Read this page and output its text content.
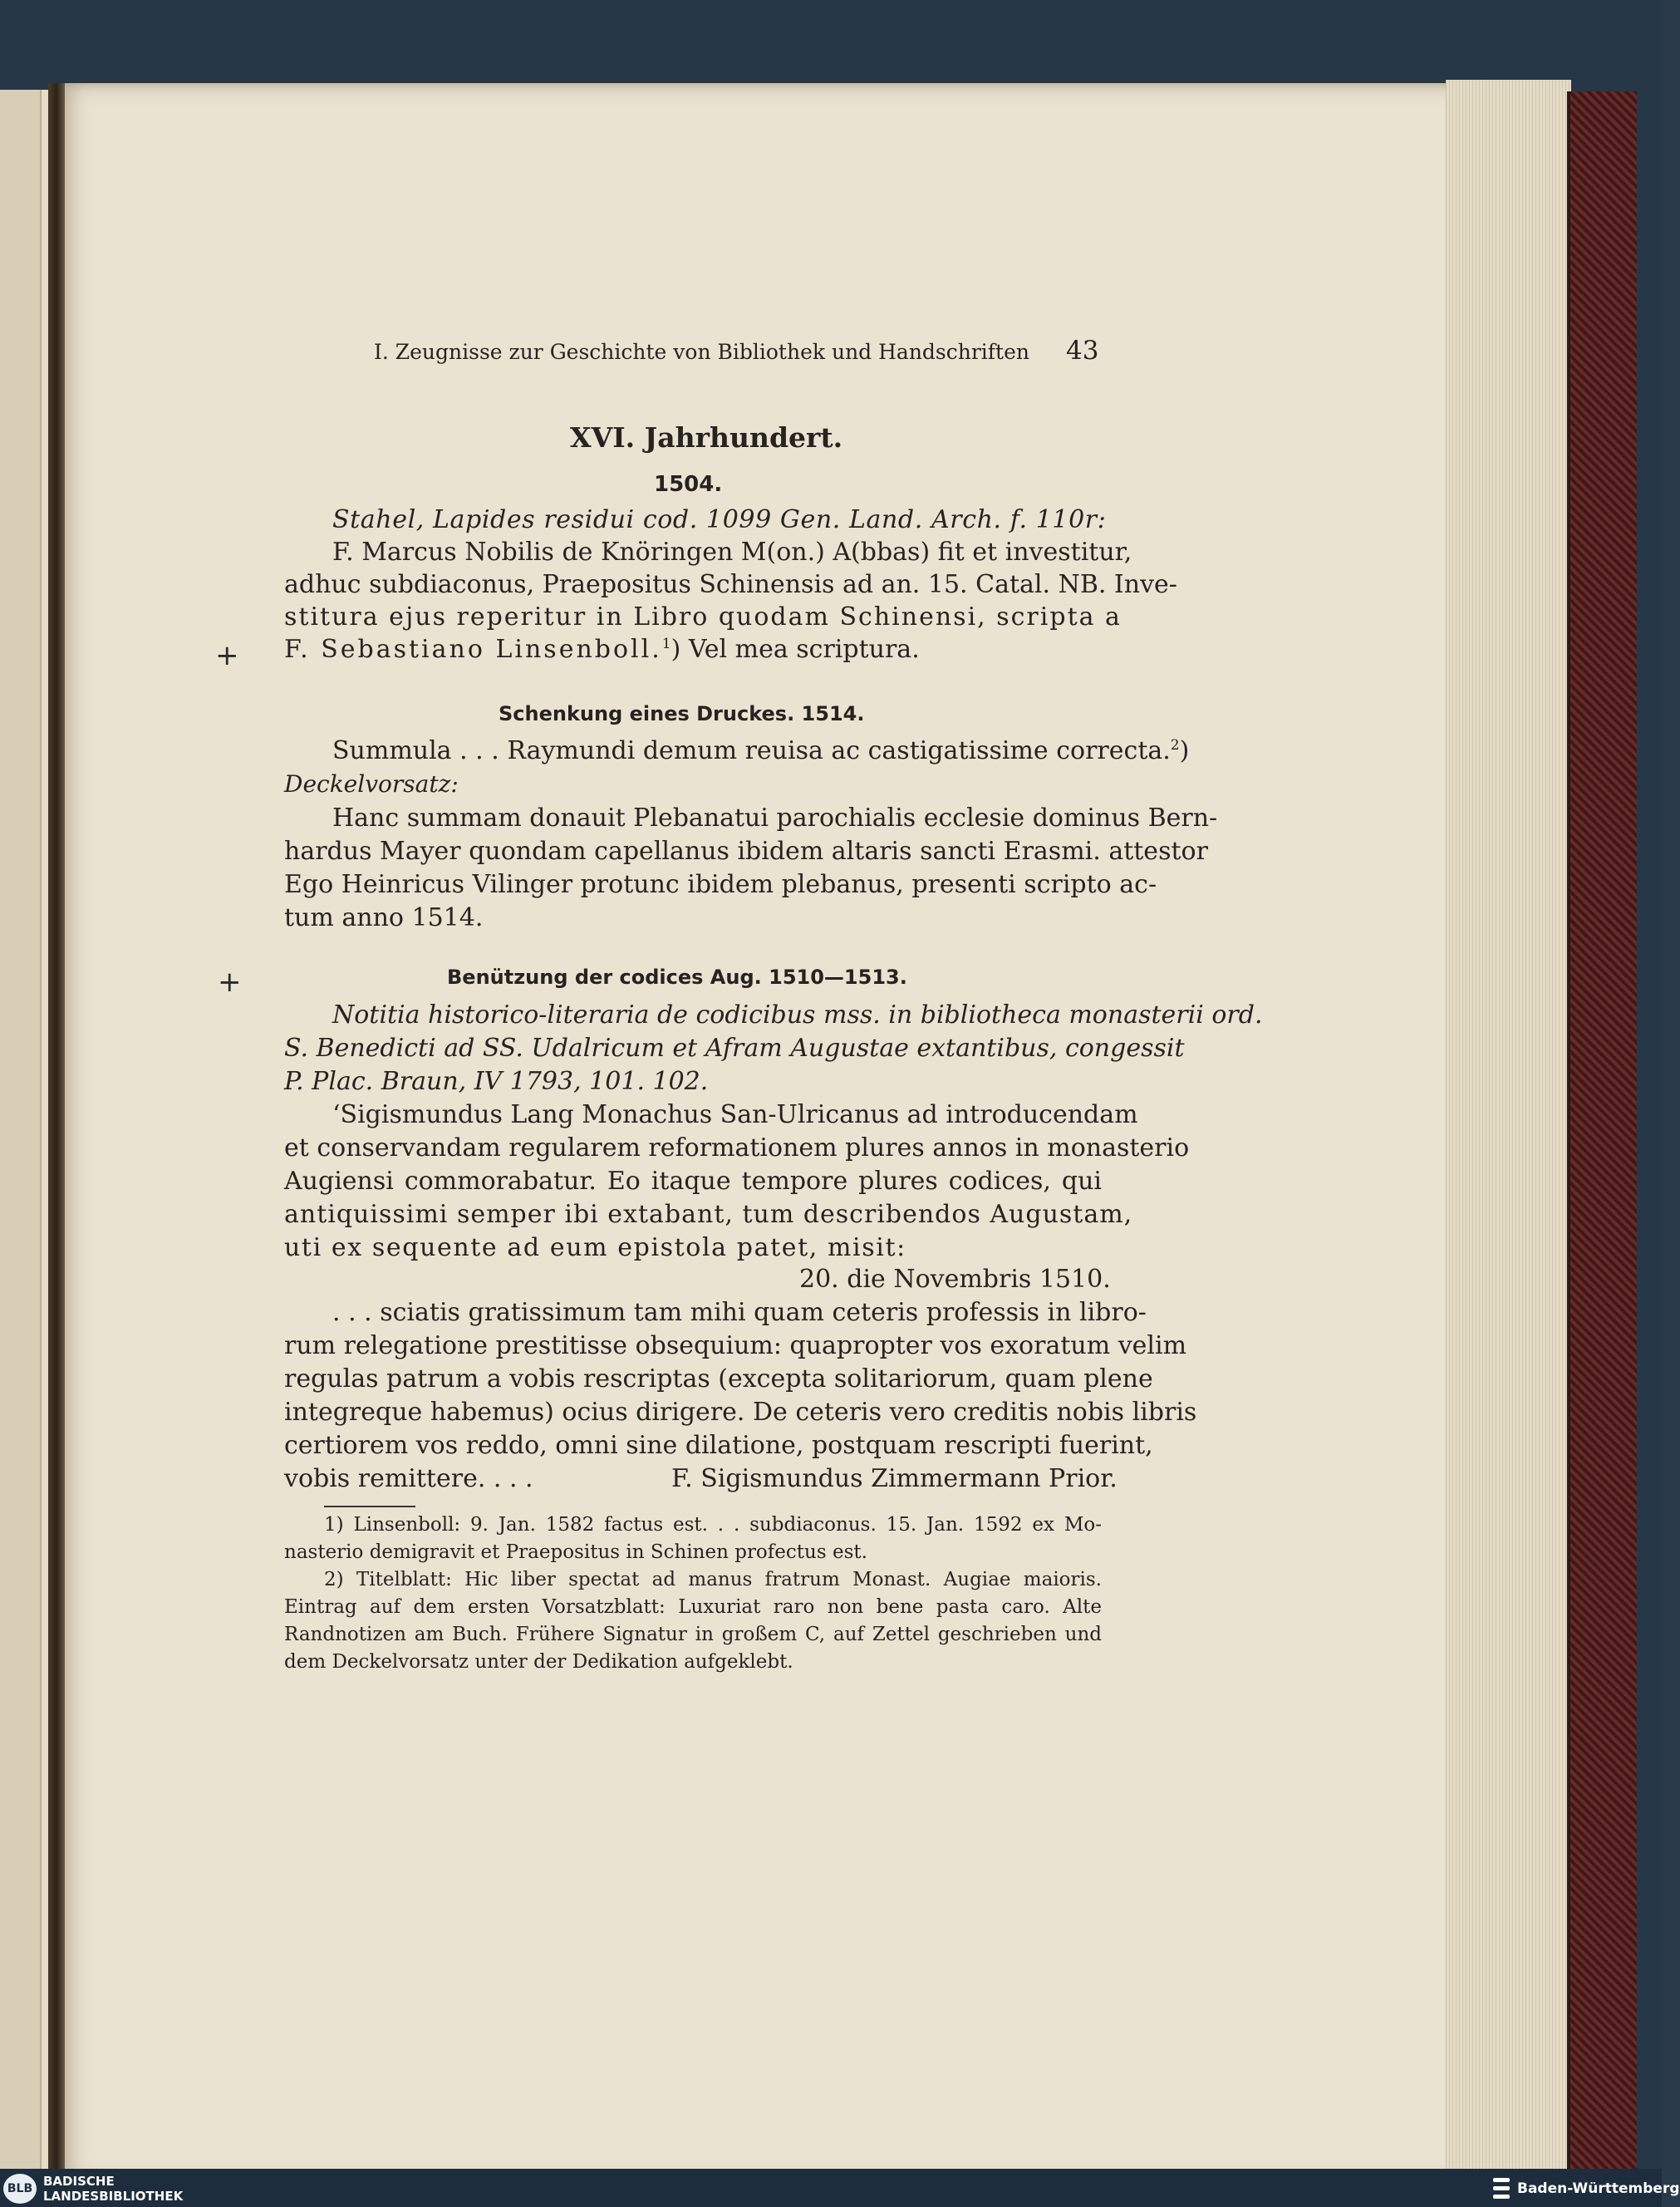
I. Zeugnisse zur Geschichte von Bibliothek und Handschriften 43
XVI. Jahrhundert.
1504.
Stahel, Lapides residui cod. 1099 Gen. Land. Arch. f. 110r:
F. Marcus Nobilis de Knöringen M(on.) A(bbas) fit et investitur,
adhuc subdiaconus, Praepositus Schinensis ad an. 15. Catal. NB. Inve-
stitura ejus reperitur in Libro quodam Schinensi, scripta a
F. Sebastiano Linsenboll.$^1$) Vel mea scriptura.
Schenkung eines Druckes. 1514.
Summula . . . Raymundi demum reuisa ac castigatissime correcta.$^2$)
Deckelvorsatz:
Hanc summam donauit Plebanatui parochialis ecclesie dominus Bern-
hardus Mayer quondam capellanus ibidem altaris sancti Erasmi. attestor
Ego Heinricus Vilinger protunc ibidem plebanus, presenti scripto ac-
tum anno 1514.
Benützung der codices Aug. 1510—1513.
Notitia historico-literaria de codicibus mss. in bibliotheca monasterii ord.
S. Benedicti ad SS. Udalricum et Afram Augustae extantibus, congessit
P. Plac. Braun, IV 1793, 101. 102.
‘Sigismundus Lang Monachus San-Ulricanus ad introducendam
et conservandam regularem reformationem plures annos in monasterio
Augiensi commorabatur. Eo itaque tempore plures codices, qui
antiquissimi semper ibi extabant, tum describendos Augustam,
uti ex sequente ad eum epistola patet, misit:
20. die Novembris 1510.
. . . sciatis gratissimum tam mihi quam ceteris professis in libro-
rum relegatione prestitisse obsequium: quapropter vos exoratum velim
regulas patrum a vobis rescriptas (excepta solitariorum, quam plene
integreque habemus) ocius dirigere. De ceteris vero creditis nobis libris
certiorem vos reddo, omni sine dilatione, postquam rescripti fuerint,
vobis remittere. . . .	F. Sigismundus Zimmermann Prior.
1) Linsenboll: 9. Jan. 1582 factus est. . . subdiaconus. 15. Jan. 1592 ex Mo-
nasterio demigravit et Praepositus in Schinen profectus est.
2) Titelblatt: Hic liber spectat ad manus fratrum Monast. Augiae maioris.
Eintrag auf dem ersten Vorsatzblatt: Luxuriat raro non bene pasta caro. Alte
Randnotizen am Buch. Frühere Signatur in großem C, auf Zettel geschrieben und
dem Deckelvorsatz unter der Dedikation aufgeklebt.
+
+
BLB BADISCHE
LANDESBIBLIOTHEK	Baden-Württemberg
